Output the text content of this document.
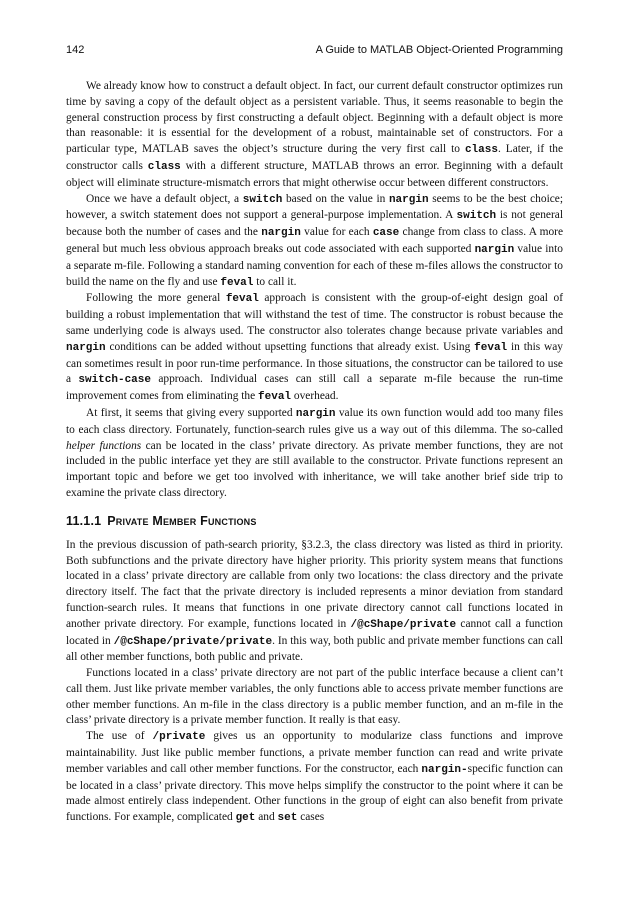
142	A Guide to MATLAB Object-Oriented Programming

We already know how to construct a default object. In fact, our current default constructor optimizes run time by saving a copy of the default object as a persistent variable. Thus, it seems reasonable to begin the general construction process by first constructing a default object. Beginning with a default object is more than reasonable: it is essential for the development of a robust, maintainable set of constructors. For a particular type, MATLAB saves the object’s structure during the very first call to class. Later, if the constructor calls class with a different structure, MATLAB throws an error. Beginning with a default object will eliminate structure-mismatch errors that might otherwise occur between different constructors.

Once we have a default object, a switch based on the value in nargin seems to be the best choice; however, a switch statement does not support a general-purpose implementation. A switch is not general because both the number of cases and the nargin value for each case change from class to class. A more general but much less obvious approach breaks out code associated with each supported nargin value into a separate m-file. Following a standard naming convention for each of these m-files allows the constructor to build the name on the fly and use feval to call it.

Following the more general feval approach is consistent with the group-of-eight design goal of building a robust implementation that will withstand the test of time. The constructor is robust because the same underlying code is always used. The constructor also tolerates change because private variables and nargin conditions can be added without upsetting functions that already exist. Using feval in this way can sometimes result in poor run-time performance. In those situations, the constructor can be tailored to use a switch-case approach. Individual cases can still call a separate m-file because the run-time improvement comes from eliminating the feval overhead.

At first, it seems that giving every supported nargin value its own function would add too many files to each class directory. Fortunately, function-search rules give us a way out of this dilemma. The so-called helper functions can be located in the class’ private directory. As private member functions, they are not included in the public interface yet they are still available to the constructor. Private functions represent an important topic and before we get too involved with inheritance, we will take another brief side trip to examine the private class directory.

11.1.1 Private Member Functions

In the previous discussion of path-search priority, §3.2.3, the class directory was listed as third in priority. Both subfunctions and the private directory have higher priority. This priority system means that functions located in a class’ private directory are callable from only two locations: the class directory and the private directory itself. The fact that the private directory is included represents a minor deviation from standard function-search rules. It means that functions in one private directory cannot call functions located in another private directory. For example, functions located in /@cShape/private cannot call a function located in /@cShape/private/private. In this way, both public and private member functions can call all other member functions, both public and private.

Functions located in a class’ private directory are not part of the public interface because a client can’t call them. Just like private member variables, the only functions able to access private member functions are other member functions. An m-file in the class directory is a public member function, and an m-file in the class’ private directory is a private member function. It really is that easy.

The use of /private gives us an opportunity to modularize class functions and improve maintainability. Just like public member functions, a private member function can read and write private member variables and call other member functions. For the constructor, each nargin-specific function can be located in a class’ private directory. This move helps simplify the constructor to the point where it can be made almost entirely class independent. Other functions in the group of eight can also benefit from private functions. For example, complicated get and set cases
